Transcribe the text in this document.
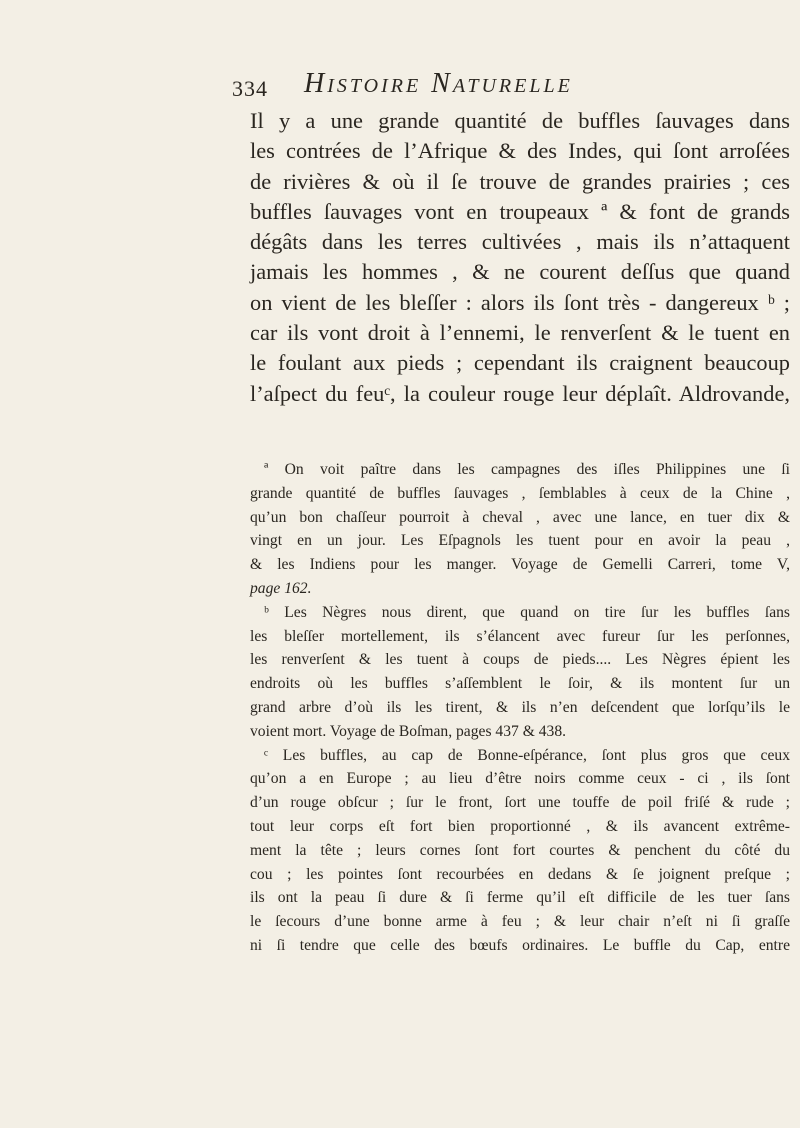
334 Histoire Naturelle
Il y a une grande quantité de buffles ſauvages dans
les contrées de l’Afrique & des Indes, qui ſont arroſées
de rivières & où il ſe trouve de grandes prairies ; ces
buffles ſauvages vont en troupeaux ª & font de grands
dégâts dans les terres cultivées , mais ils n’attaquent
jamais les hommes , & ne courent deſſus que quand
on vient de les bleſſer : alors ils ſont très - dangereux ᵇ ;
car ils vont droit à l’ennemi, le renverſent & le tuent en
le foulant aux pieds ; cependant ils craignent beaucoup
l’aſpect du feuᶜ, la couleur rouge leur déplaît. Aldrovande,
ª On voit paître dans les campagnes des iſles Philippines une ſi
grande quantité de buffles ſauvages , ſemblables à ceux de la Chine ,
qu’un bon chaſſeur pourroit à cheval , avec une lance, en tuer dix &
vingt en un jour. Les Eſpagnols les tuent pour en avoir la peau ,
& les Indiens pour les manger. Voyage de Gemelli Carreri, tome V,
page 162.
ᵇ Les Nègres nous dirent, que quand on tire ſur les buffles ſans
les bleſſer mortellement, ils s’élancent avec fureur ſur les perſonnes,
les renverſent & les tuent à coups de pieds.... Les Nègres épient les
endroits où les buffles s’aſſemblent le ſoir, & ils montent ſur un
grand arbre d’où ils les tirent, & ils n’en deſcendent que lorſqu’ils le
voient mort. Voyage de Boſman, pages 437 & 438.
ᶜ Les buffles, au cap de Bonne-eſpérance, ſont plus gros que ceux
qu’on a en Europe ; au lieu d’être noirs comme ceux - ci , ils ſont
d’un rouge obſcur ; ſur le front, ſort une touffe de poil friſé & rude ;
tout leur corps eſt fort bien proportionné , & ils avancent extrême-
ment la tête ; leurs cornes ſont fort courtes & penchent du côté du
cou ; les pointes ſont recourbées en dedans & ſe joignent preſque ;
ils ont la peau ſi dure & ſi ferme qu’il eſt difficile de les tuer ſans
le ſecours d’une bonne arme à feu ; & leur chair n’eſt ni ſi graſſe
ni ſi tendre que celle des bœufs ordinaires. Le buffle du Cap, entre
